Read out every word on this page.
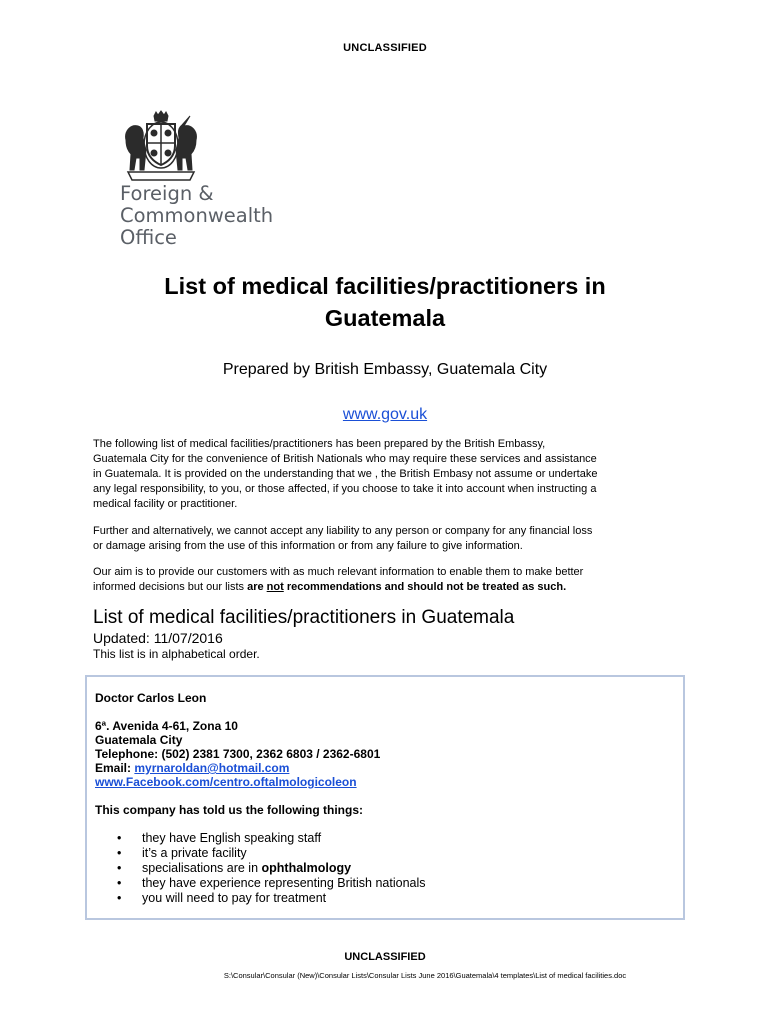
UNCLASSIFIED
Foreign &
Commonwealth
Office
List of medical facilities/practitioners in
Guatemala
Prepared by British Embassy, Guatemala City
www.gov.uk
The following list of medical facilities/practitioners has been prepared by the British Embassy,
Guatemala City for the convenience of British Nationals who may require these services and assistance
in Guatemala. It is provided on the understanding that we , the British Embasy not assume or undertake
any legal responsibility, to you, or those affected, if you choose to take it into account when instructing a
medical facility or practitioner.
Further and alternatively, we cannot accept any liability to any person or company for any financial loss
or damage arising from the use of this information or from any failure to give information.
Our aim is to provide our customers with as much relevant information to enable them to make better
informed decisions but our lists are not recommendations and should not be treated as such.
List of medical facilities/practitioners in Guatemala
Updated: 11/07/2016
This list is in alphabetical order.
Doctor Carlos Leon
6ª. Avenida 4-61, Zona 10
Guatemala City
Telephone: (502) 2381 7300, 2362 6803 / 2362-6801
Email: myrnaroldan@hotmail.com
www.Facebook.com/centro.oftalmologicoleon
This company has told us the following things:
• they have English speaking staff
• it’s a private facility
• specialisations are in ophthalmology
• they have experience representing British nationals
• you will need to pay for treatment
UNCLASSIFIED
S:\Consular\Consular (New)\Consular Lists\Consular Lists June 2016\Guatemala\4 templates\List of medical facilities.doc
